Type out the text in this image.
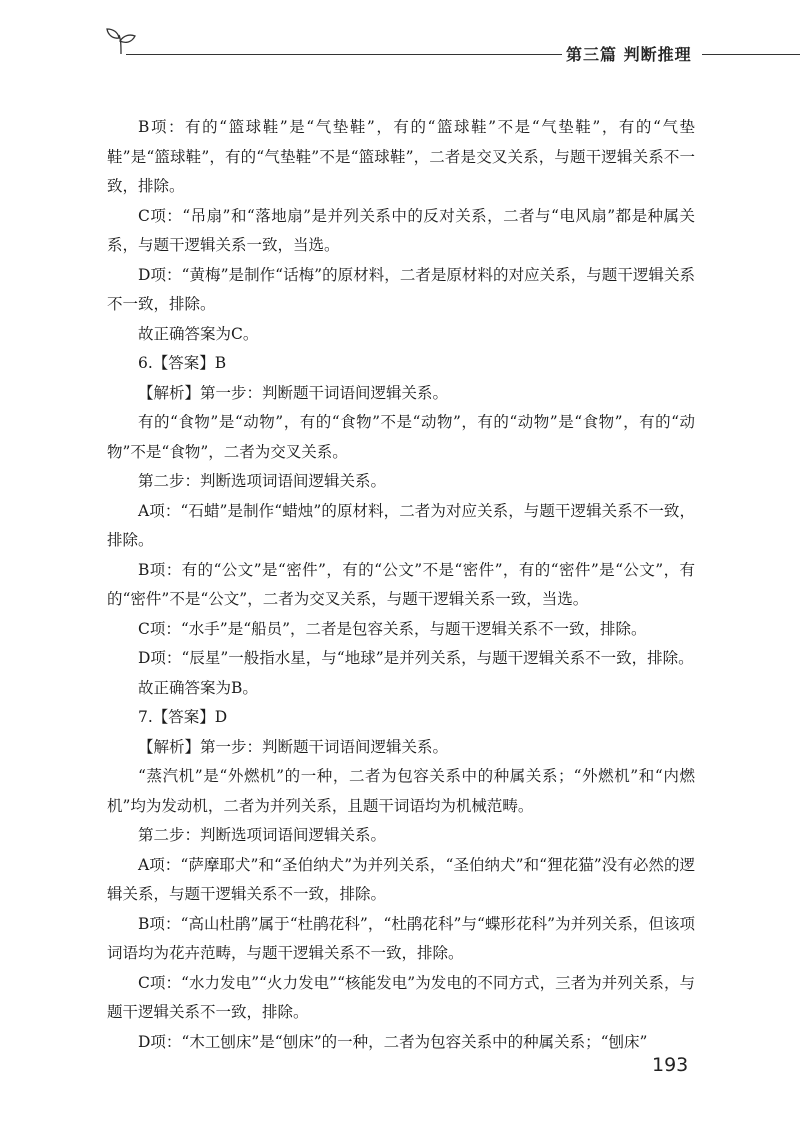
第三篇 判断推理

B项：有的“篮球鞋”是“气垫鞋”，有的“篮球鞋”不是“气垫鞋”，有的“气垫鞋”是“篮球鞋”，有的“气垫鞋”不是“篮球鞋”，二者是交叉关系，与题干逻辑关系不一致，排除。

C项：“吊扇”和“落地扇”是并列关系中的反对关系，二者与“电风扇”都是种属关系，与题干逻辑关系一致，当选。

D项：“黄梅”是制作“话梅”的原材料，二者是原材料的对应关系，与题干逻辑关系不一致，排除。

故正确答案为C。

6.【答案】B

【解析】第一步：判断题干词语间逻辑关系。

有的“食物”是“动物”，有的“食物”不是“动物”，有的“动物”是“食物”，有的“动物”不是“食物”，二者为交叉关系。

第二步：判断选项词语间逻辑关系。

A项：“石蜡”是制作“蜡烛”的原材料，二者为对应关系，与题干逻辑关系不一致，排除。

B项：有的“公文”是“密件”，有的“公文”不是“密件”，有的“密件”是“公文”，有的“密件”不是“公文”，二者为交叉关系，与题干逻辑关系一致，当选。

C项：“水手”是“船员”，二者是包容关系，与题干逻辑关系不一致，排除。

D项：“辰星”一般指水星，与“地球”是并列关系，与题干逻辑关系不一致，排除。

故正确答案为B。

7.【答案】D

【解析】第一步：判断题干词语间逻辑关系。

“蒸汽机”是“外燃机”的一种，二者为包容关系中的种属关系；“外燃机”和“内燃机”均为发动机，二者为并列关系，且题干词语均为机械范畴。

第二步：判断选项词语间逻辑关系。

A项：“萨摩耶犬”和“圣伯纳犬”为并列关系，“圣伯纳犬”和“狸花猫”没有必然的逻辑关系，与题干逻辑关系不一致，排除。

B项：“高山杜鹃”属于“杜鹃花科”，“杜鹃花科”与“蝶形花科”为并列关系，但该项词语均为花卉范畴，与题干逻辑关系不一致，排除。

C项：“水力发电”“火力发电”“核能发电”为发电的不同方式，三者为并列关系，与题干逻辑关系不一致，排除。

D项：“木工刨床”是“刨床”的一种，二者为包容关系中的种属关系；“刨床”

193
